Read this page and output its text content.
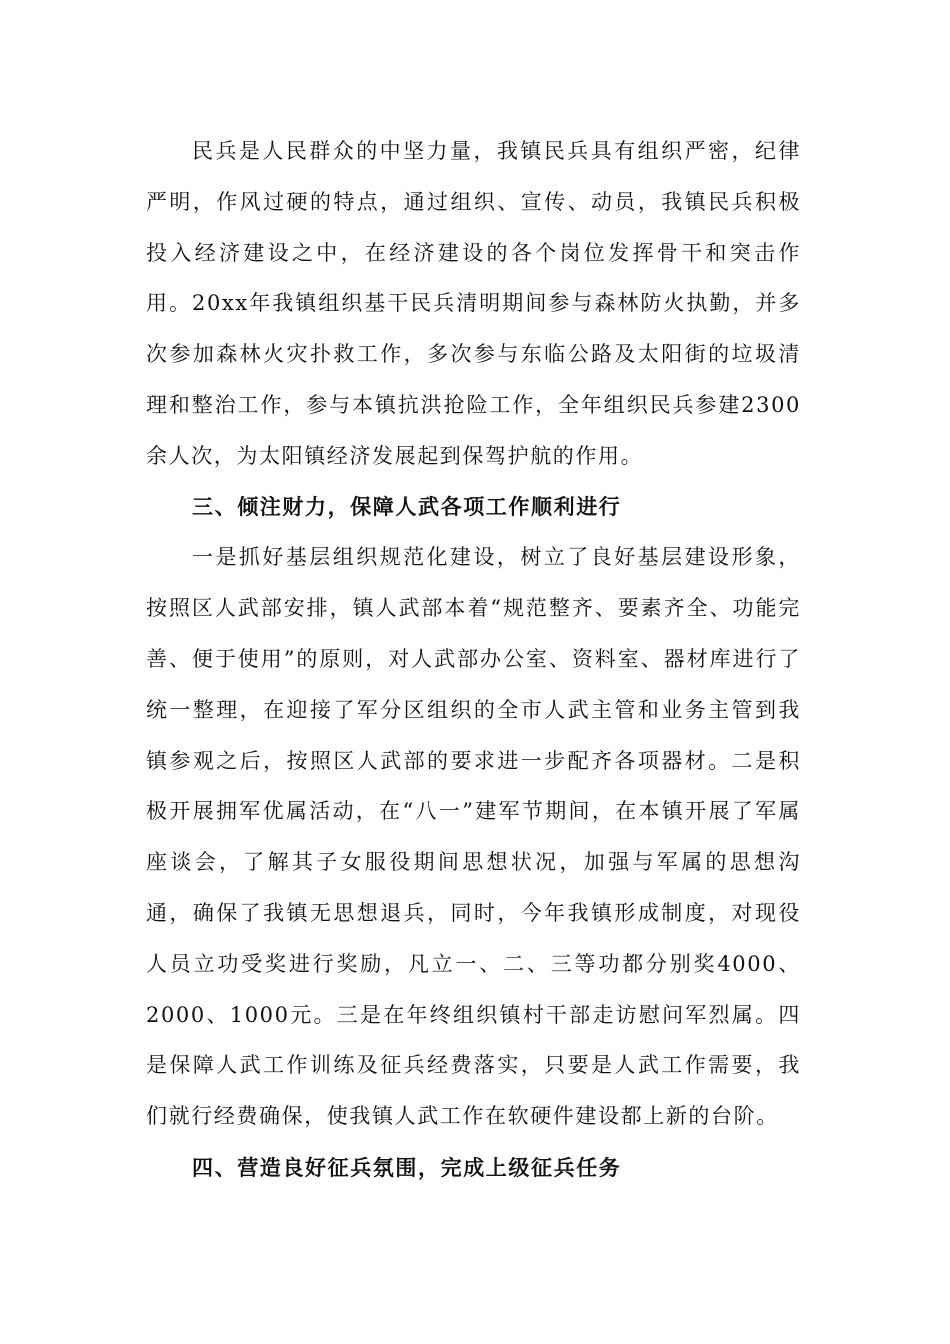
民兵是人民群众的中坚力量，我镇民兵具有组织严密，纪律严明，作风过硬的特点，通过组织、宣传、动员，我镇民兵积极投入经济建设之中，在经济建设的各个岗位发挥骨干和突击作用。20xx年我镇组织基干民兵清明期间参与森林防火执勤，并多次参加森林火灾扑救工作，多次参与东临公路及太阳街的垃圾清理和整治工作，参与本镇抗洪抢险工作，全年组织民兵参建2300余人次，为太阳镇经济发展起到保驾护航的作用。

三、倾注财力，保障人武各项工作顺利进行

一是抓好基层组织规范化建设，树立了良好基层建设形象，按照区人武部安排，镇人武部本着“规范整齐、要素齐全、功能完善、便于使用”的原则，对人武部办公室、资料室、器材库进行了统一整理，在迎接了军分区组织的全市人武主管和业务主管到我镇参观之后，按照区人武部的要求进一步配齐各项器材。二是积极开展拥军优属活动，在“八一”建军节期间，在本镇开展了军属座谈会，了解其子女服役期间思想状况，加强与军属的思想沟通，确保了我镇无思想退兵，同时，今年我镇形成制度，对现役人员立功受奖进行奖励，凡立一、二、三等功都分别奖4000、2000、1000元。三是在年终组织镇村干部走访慰问军烈属。四是保障人武工作训练及征兵经费落实，只要是人武工作需要，我们就行经费确保，使我镇人武工作在软硬件建设都上新的台阶。

四、营造良好征兵氛围，完成上级征兵任务
